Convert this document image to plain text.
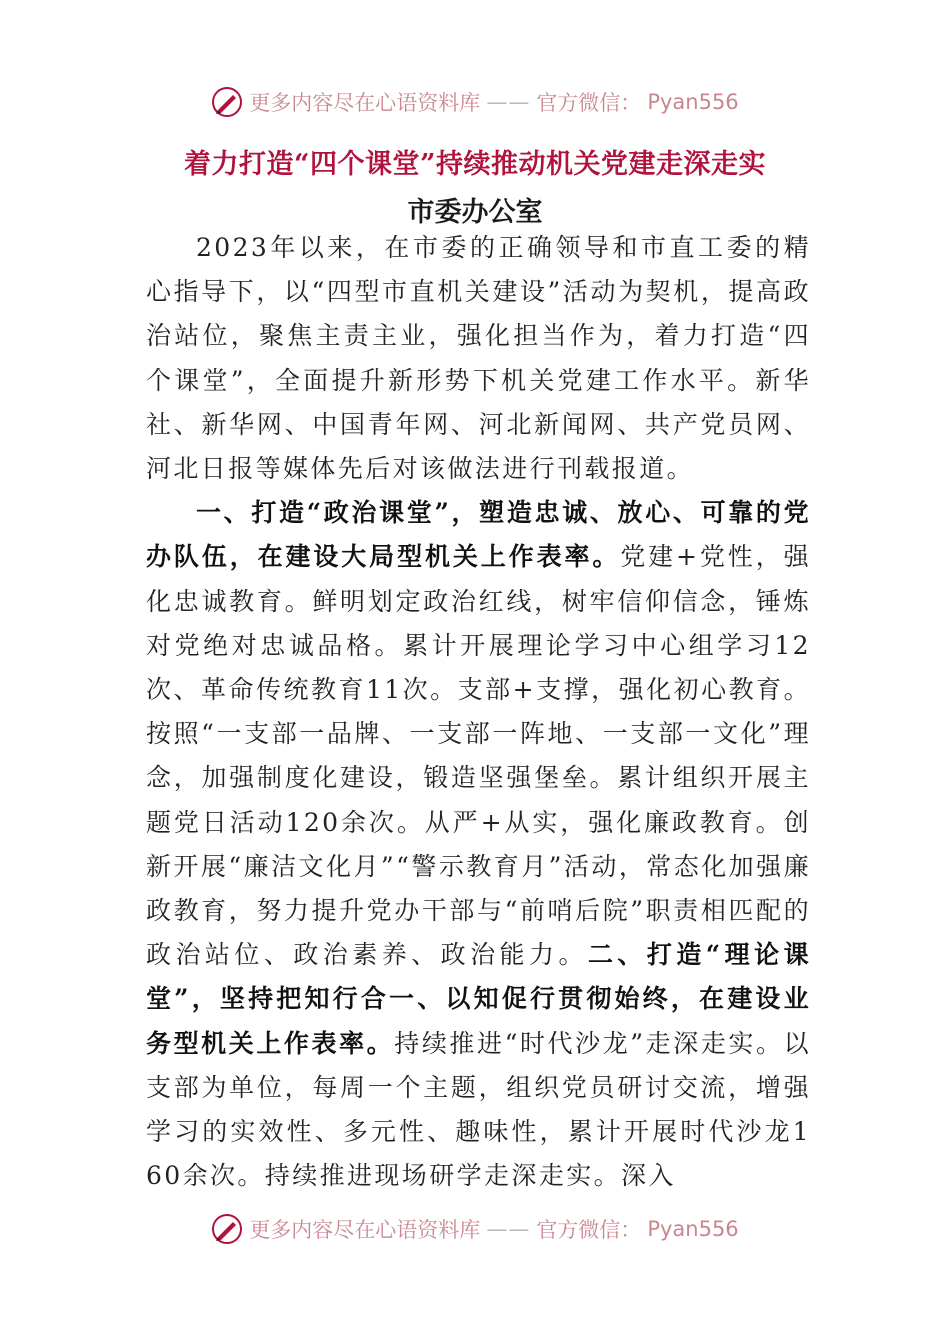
更多内容尽在心语资料库 —— 官方微信： Pyan556
着力打造“四个课堂”持续推动机关党建走深走实
市委办公室

2023年以来，在市委的正确领导和市直工委的精心指导下，以“四型市直机关建设”活动为契机，提高政治站位，聚焦主责主业，强化担当作为，着力打造“四个课堂”，全面提升新形势下机关党建工作水平。新华社、新华网、中国青年网、河北新闻网、共产党员网、河北日报等媒体先后对该做法进行刊载报道。

一、打造“政治课堂”，塑造忠诚、放心、可靠的党办队伍，在建设大局型机关上作表率。党建+党性，强化忠诚教育。鲜明划定政治红线，树牢信仰信念，锤炼对党绝对忠诚品格。累计开展理论学习中心组学习12次、革命传统教育11次。支部+支撑，强化初心教育。按照“一支部一品牌、一支部一阵地、一支部一文化”理念，加强制度化建设，锻造坚强堡垒。累计组织开展主题党日活动120余次。从严+从实，强化廉政教育。创新开展“廉洁文化月”“警示教育月”活动，常态化加强廉政教育，努力提升党办干部与“前哨后院”职责相匹配的政治站位、政治素养、政治能力。二、打造“理论课堂”，坚持把知行合一、以知促行贯彻始终，在建设业务型机关上作表率。持续推进“时代沙龙”走深走实。以支部为单位，每周一个主题，组织党员研讨交流，增强学习的实效性、多元性、趣味性，累计开展时代沙龙160余次。持续推进现场研学走深走实。深入

更多内容尽在心语资料库 —— 官方微信： Pyan556
